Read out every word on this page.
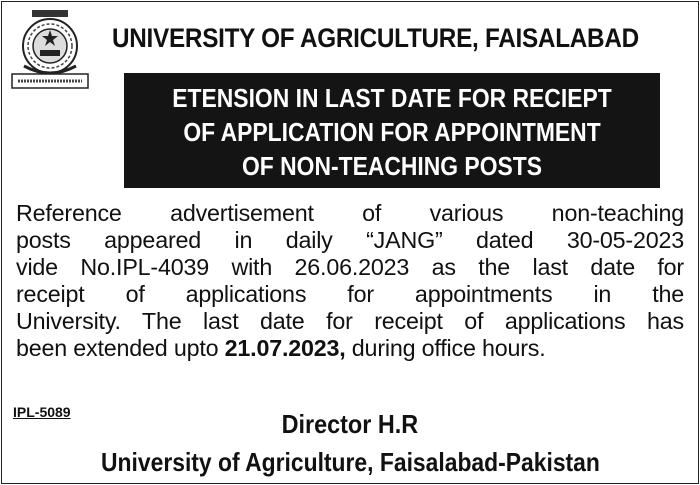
UNIVERSITY OF AGRICULTURE, FAISALABAD
ETENSION IN LAST DATE FOR RECIEPT
OF APPLICATION FOR APPOINTMENT
OF NON-TEACHING POSTS
Reference advertisement of various non-teaching
posts appeared in daily “JANG” dated 30-05-2023
vide No.IPL-4039 with 26.06.2023 as the last date for
receipt of applications for appointments in the
University. The last date for receipt of applications has
been extended upto 21.07.2023, during office hours.
IPL-5089	Director H.R
University of Agriculture, Faisalabad-Pakistan
